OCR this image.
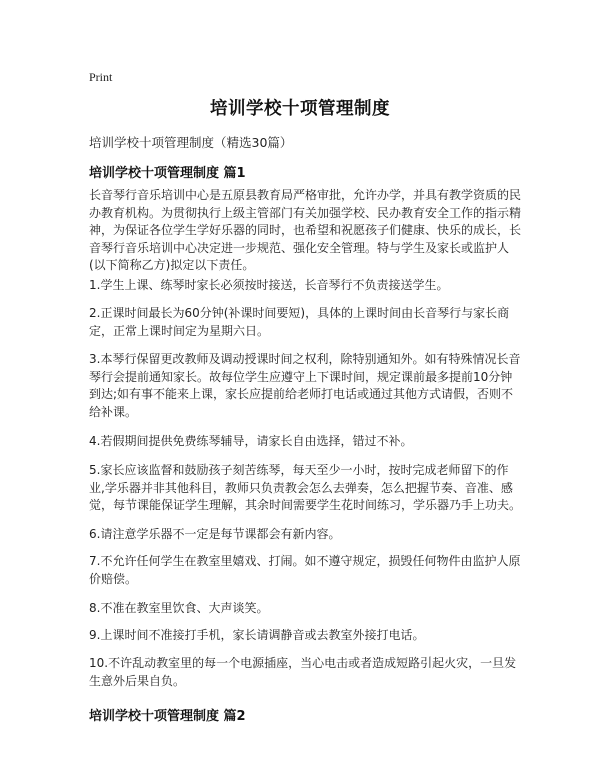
Print
培训学校十项管理制度
培训学校十项管理制度（精选30篇）
培训学校十项管理制度 篇1

长音琴行音乐培训中心是五原县教育局严格审批，允许办学，并具有教学资质的民办教育机构。为贯彻执行上级主管部门有关加强学校、民办教育安全工作的指示精神，为保证各位学生学好乐器的同时，也希望和祝愿孩子们健康、快乐的成长，长音琴行音乐培训中心决定进一步规范、强化安全管理。特与学生及家长或监护人(以下简称乙方)拟定以下责任。

1.学生上课、练琴时家长必须按时接送，长音琴行不负责接送学生。

2.正课时间最长为60分钟(补课时间要短)，具体的上课时间由长音琴行与家长商定，正常上课时间定为星期六日。

3.本琴行保留更改教师及调动授课时间之权利，除特别通知外。如有特殊情况长音琴行会提前通知家长。故每位学生应遵守上下课时间，规定课前最多提前10分钟到达;如有事不能来上课，家长应提前给老师打电话或通过其他方式请假，否则不给补课。

4.若假期间提供免费练琴辅导，请家长自由选择，错过不补。

5.家长应该监督和鼓励孩子刻苦练琴，每天至少一小时，按时完成老师留下的作业,学乐器并非其他科目，教师只负责教会怎么去弹奏，怎么把握节奏、音准、感觉，每节课能保证学生理解，其余时间需要学生花时间练习，学乐器乃手上功夫。

6.请注意学乐器不一定是每节课都会有新内容。

7.不允许任何学生在教室里嬉戏、打闹。如不遵守规定，损毁任何物件由监护人原价赔偿。

8.不准在教室里饮食、大声谈笑。

9.上课时间不准接打手机，家长请调静音或去教室外接打电话。

10.不许乱动教室里的每一个电源插座，当心电击或者造成短路引起火灾，一旦发生意外后果自负。

培训学校十项管理制度 篇2
